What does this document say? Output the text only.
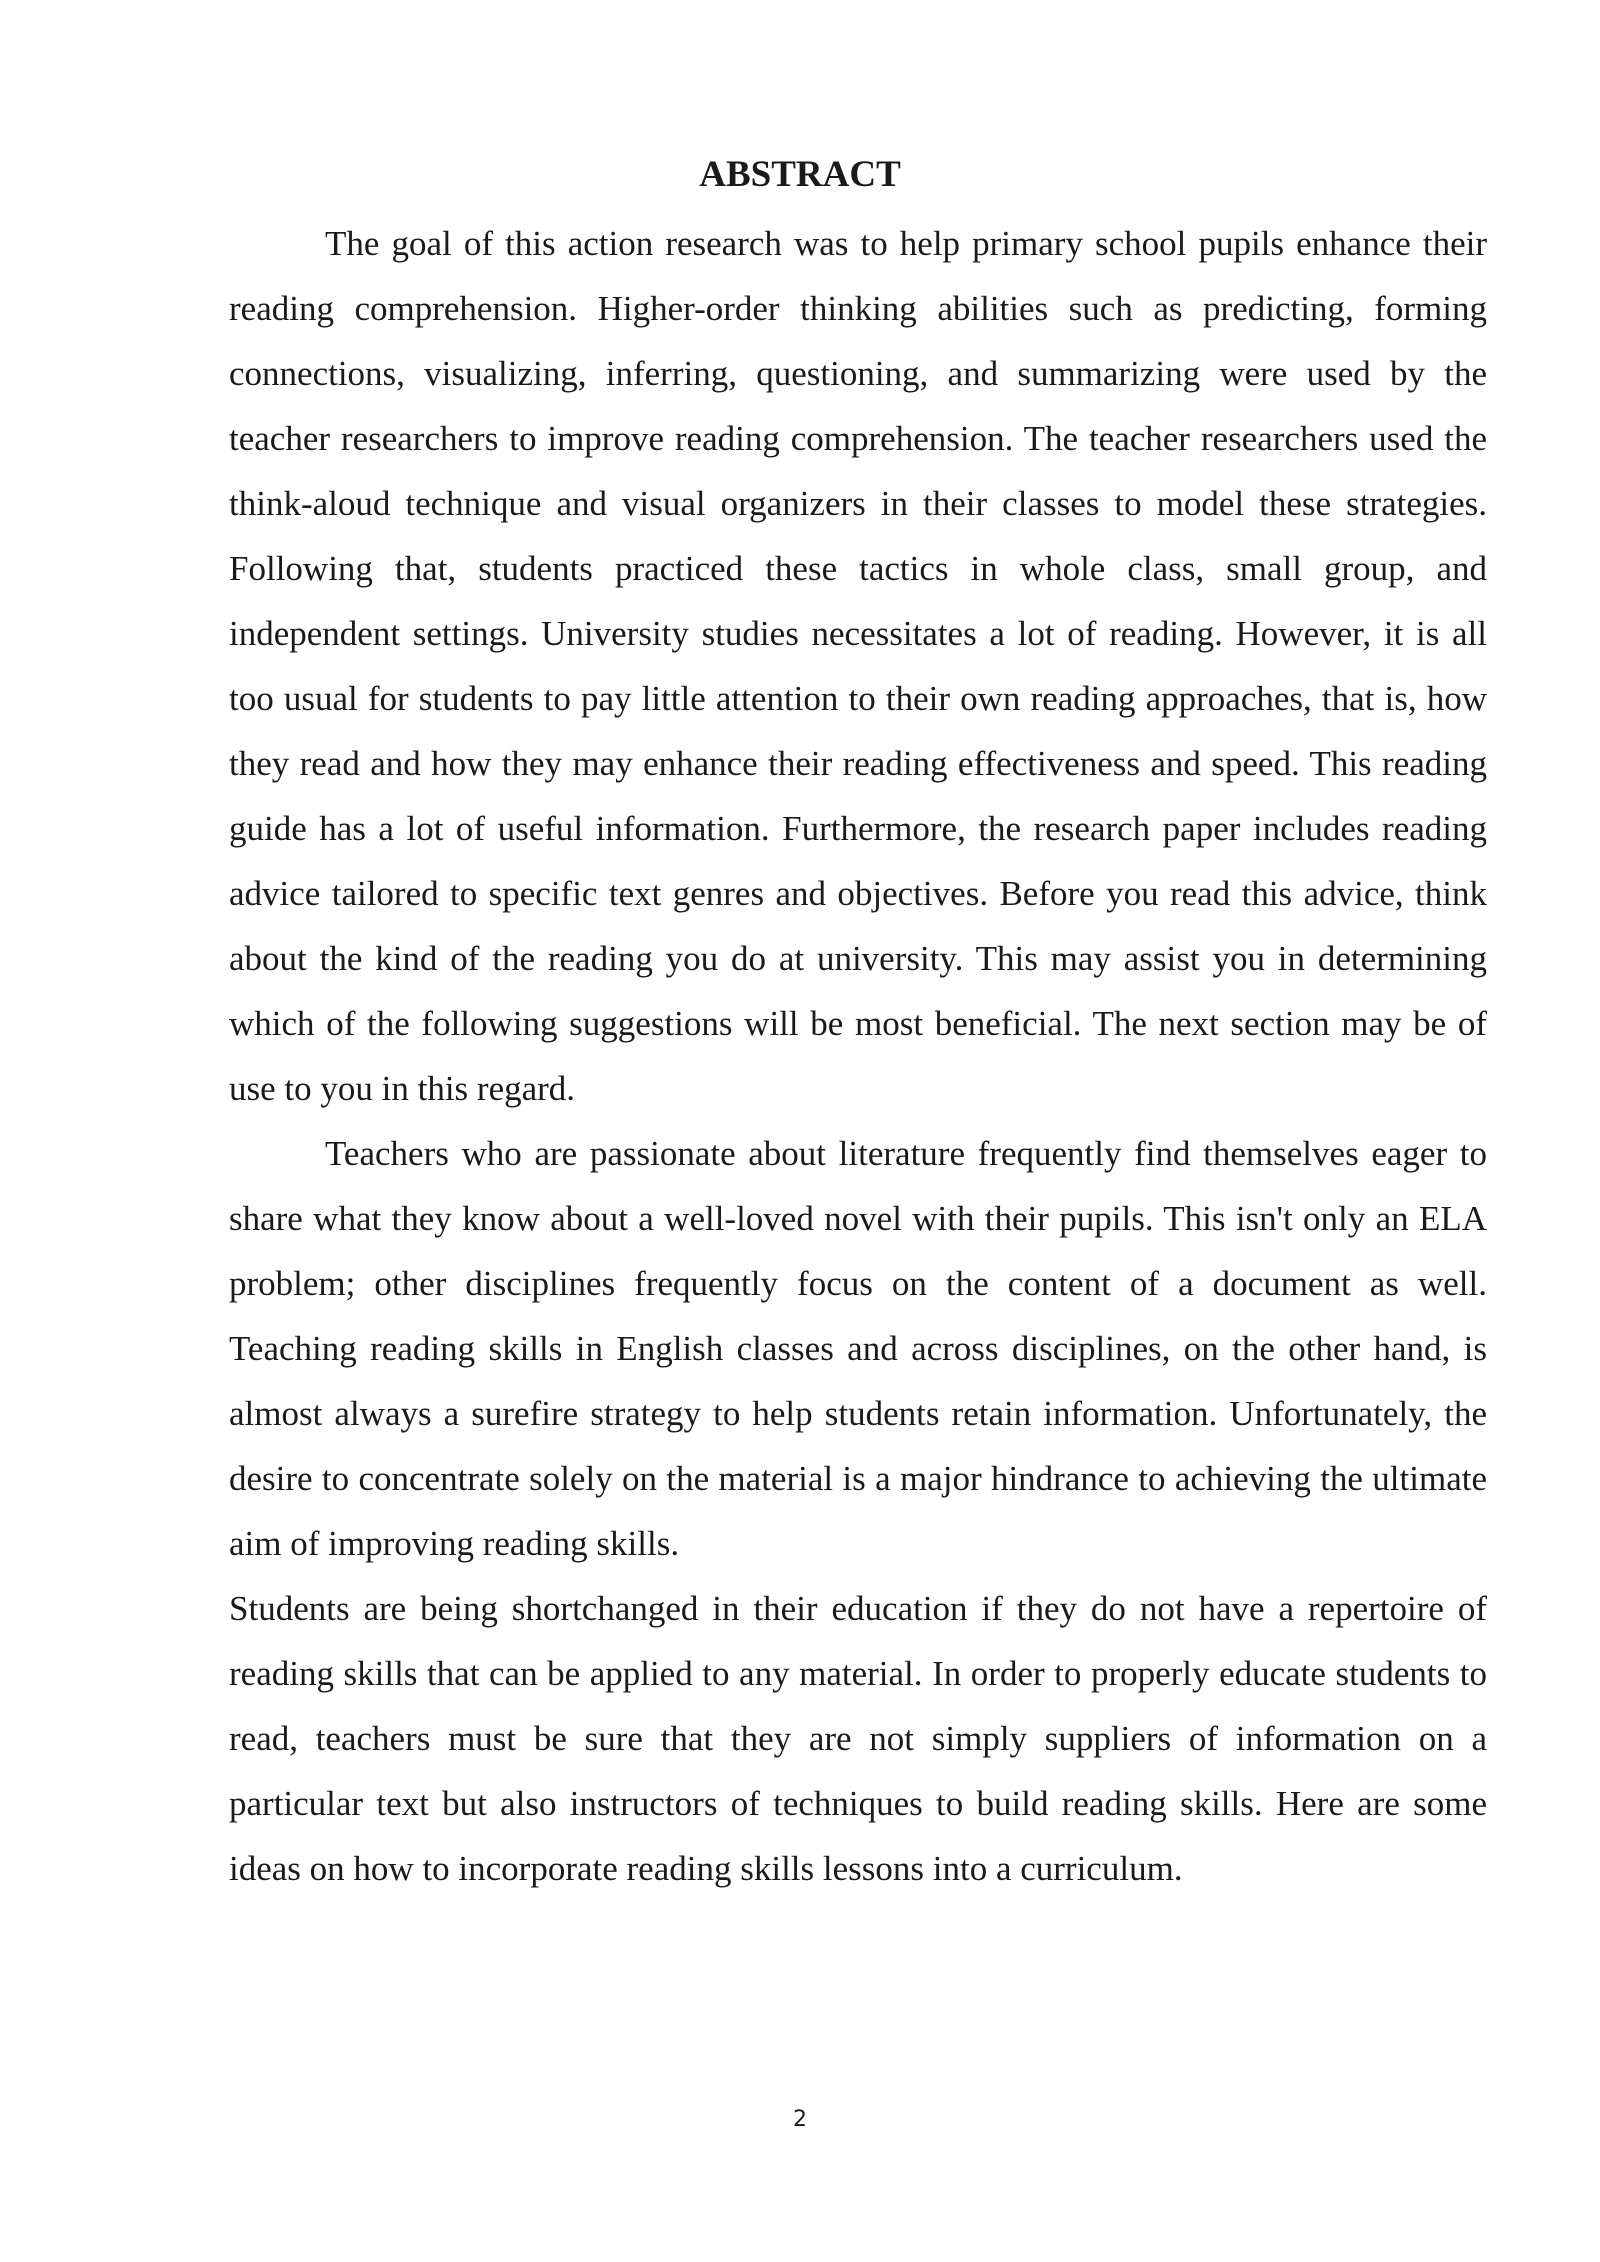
ABSTRACT

The goal of this action research was to help primary school pupils enhance their reading comprehension. Higher-order thinking abilities such as predicting, forming connections, visualizing, inferring, questioning, and summarizing were used by the teacher researchers to improve reading comprehension. The teacher researchers used the think-aloud technique and visual organizers in their classes to model these strategies. Following that, students practiced these tactics in whole class, small group, and independent settings. University studies necessitates a lot of reading. However, it is all too usual for students to pay little attention to their own reading approaches, that is, how they read and how they may enhance their reading effectiveness and speed. This reading guide has a lot of useful information. Furthermore, the research paper includes reading advice tailored to specific text genres and objectives. Before you read this advice, think about the kind of the reading you do at university. This may assist you in determining which of the following suggestions will be most beneficial. The next section may be of use to you in this regard.

Teachers who are passionate about literature frequently find themselves eager to share what they know about a well-loved novel with their pupils. This isn't only an ELA problem; other disciplines frequently focus on the content of a document as well. Teaching reading skills in English classes and across disciplines, on the other hand, is almost always a surefire strategy to help students retain information. Unfortunately, the desire to concentrate solely on the material is a major hindrance to achieving the ultimate aim of improving reading skills.

Students are being shortchanged in their education if they do not have a repertoire of reading skills that can be applied to any material. In order to properly educate students to read, teachers must be sure that they are not simply suppliers of information on a particular text but also instructors of techniques to build reading skills. Here are some ideas on how to incorporate reading skills lessons into a curriculum.

2
